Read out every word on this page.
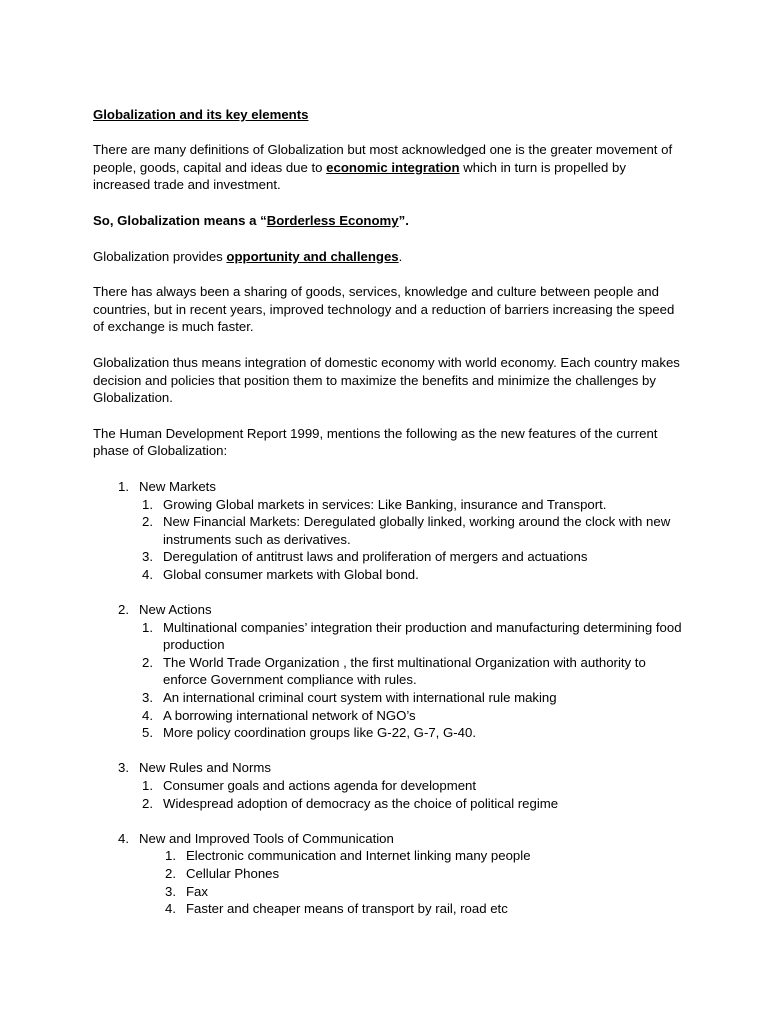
Globalization and its key elements

There are many definitions of Globalization but most acknowledged one is the greater movement of people, goods, capital and ideas due to economic integration which in turn is propelled by increased trade and investment.

So, Globalization means a “Borderless Economy”.

Globalization provides opportunity and challenges.

There has always been a sharing of goods, services, knowledge and culture between people and countries, but in recent years, improved technology and a reduction of barriers increasing the speed of exchange is much faster.

Globalization thus means integration of domestic economy with world economy. Each country makes decision and policies that position them to maximize the benefits and minimize the challenges by Globalization.

The Human Development Report 1999, mentions the following as the new features of the current phase of Globalization:

1. New Markets
1. Growing Global markets in services: Like Banking, insurance and Transport.
2. New Financial Markets: Deregulated globally linked, working around the clock with new instruments such as derivatives.
3. Deregulation of antitrust laws and proliferation of mergers and actuations
4. Global consumer markets with Global bond.
2. New Actions
1. Multinational companies’ integration their production and manufacturing determining food production
2. The World Trade Organization , the first multinational Organization with authority to enforce Government compliance with rules.
3. An international criminal court system with international rule making
4. A borrowing international network of NGO’s
5. More policy coordination groups like G-22, G-7, G-40.
3. New Rules and Norms
1. Consumer goals and actions agenda for development
2. Widespread adoption of democracy as the choice of political regime
4. New and Improved Tools of Communication
1. Electronic communication and Internet linking many people
2. Cellular Phones
3. Fax
4. Faster and cheaper means of transport by rail, road etc
